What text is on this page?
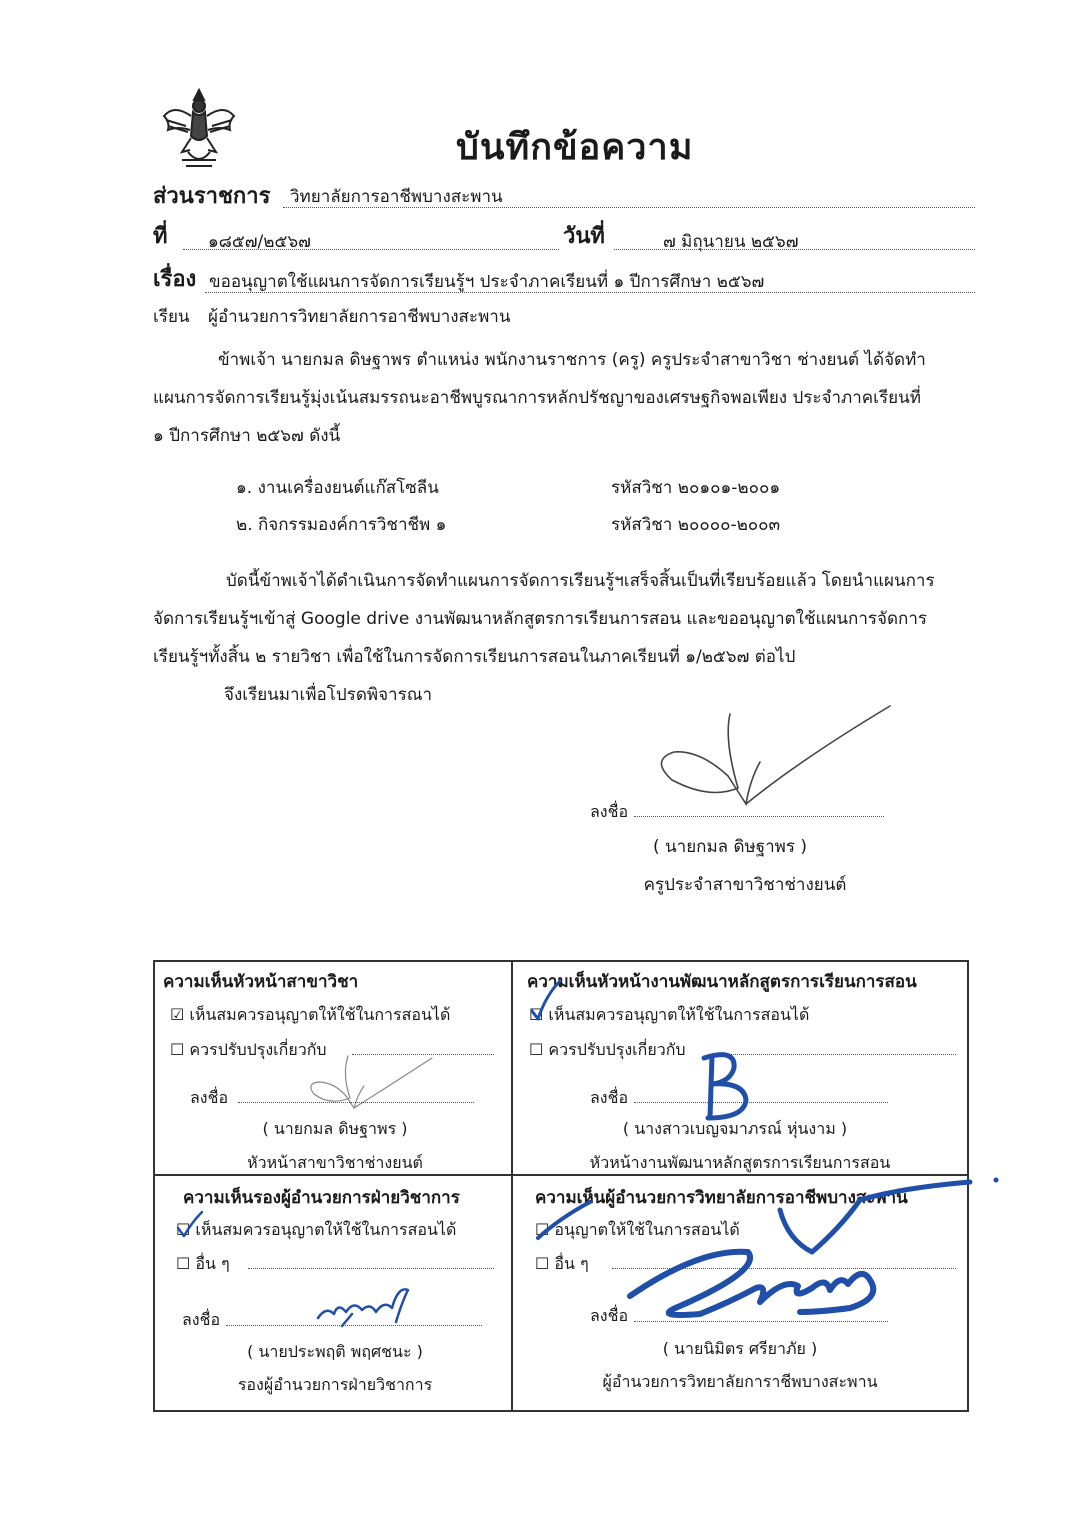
บันทึกข้อความ
ส่วนราชการ วิทยาลัยการอาชีพบางสะพาน
ที่ ๑๘๕๗/๒๕๖๗	วันที่	๗ มิถุนายน ๒๕๖๗
เรื่อง ขออนุญาตใช้แผนการจัดการเรียนรู้ฯ ประจำภาคเรียนที่ ๑ ปีการศึกษา ๒๕๖๗
เรียน ผู้อำนวยการวิทยาลัยการอาชีพบางสะพาน
ข้าพเจ้า นายกมล ดิษฐาพร ตำแหน่ง พนักงานราชการ (ครู) ครูประจำสาขาวิชา ช่างยนต์ ได้จัดทำ
แผนการจัดการเรียนรู้มุ่งเน้นสมรรถนะอาชีพบูรณาการหลักปรัชญาของเศรษฐกิจพอเพียง ประจำภาคเรียนที่
๑ ปีการศึกษา ๒๕๖๗ ดังนี้
๑. งานเครื่องยนต์แก๊สโซลีน	รหัสวิชา ๒๐๑๐๑-๒๐๐๑
๒. กิจกรรมองค์การวิชาชีพ ๑	รหัสวิชา ๒๐๐๐๐-๒๐๐๓
บัดนี้ข้าพเจ้าได้ดำเนินการจัดทำแผนการจัดการเรียนรู้ฯเสร็จสิ้นเป็นที่เรียบร้อยแล้ว โดยนำแผนการ
จัดการเรียนรู้ฯเข้าสู่ Google drive งานพัฒนาหลักสูตรการเรียนการสอน และขออนุญาตใช้แผนการจัดการ
เรียนรู้ฯทั้งสิ้น ๒ รายวิชา เพื่อใช้ในการจัดการเรียนการสอนในภาคเรียนที่ ๑/๒๕๖๗ ต่อไป
จึงเรียนมาเพื่อโปรดพิจารณา
ลงชื่อ
( นายกมล ดิษฐาพร )
ครูประจำสาขาวิชาช่างยนต์
ความเห็นหัวหน้าสาขาวิชา
☑ เห็นสมควรอนุญาตให้ใช้ในการสอนได้
☐ ควรปรับปรุงเกี่ยวกับ
ลงชื่อ
( นายกมล ดิษฐาพร )
หัวหน้าสาขาวิชาช่างยนต์
ความเห็นหัวหน้างานพัฒนาหลักสูตรการเรียนการสอน
☐ เห็นสมควรอนุญาตให้ใช้ในการสอนได้
☐ ควรปรับปรุงเกี่ยวกับ
ลงชื่อ
( นางสาวเบญจมาภรณ์ หุ่นงาม )
หัวหน้างานพัฒนาหลักสูตรการเรียนการสอน
ความเห็นรองผู้อำนวยการฝ่ายวิชาการ
☐ เห็นสมควรอนุญาตให้ใช้ในการสอนได้
☐ อื่น ๆ
ลงชื่อ
( นายประพฤติ พฤศชนะ )
รองผู้อำนวยการฝ่ายวิชาการ
ความเห็นผู้อำนวยการวิทยาลัยการอาชีพบางสะพาน
☐ อนุญาตให้ใช้ในการสอนได้
☐ อื่น ๆ
ลงชื่อ
( นายนิมิตร ศรียาภัย )
ผู้อำนวยการวิทยาลัยการาชีพบางสะพาน
